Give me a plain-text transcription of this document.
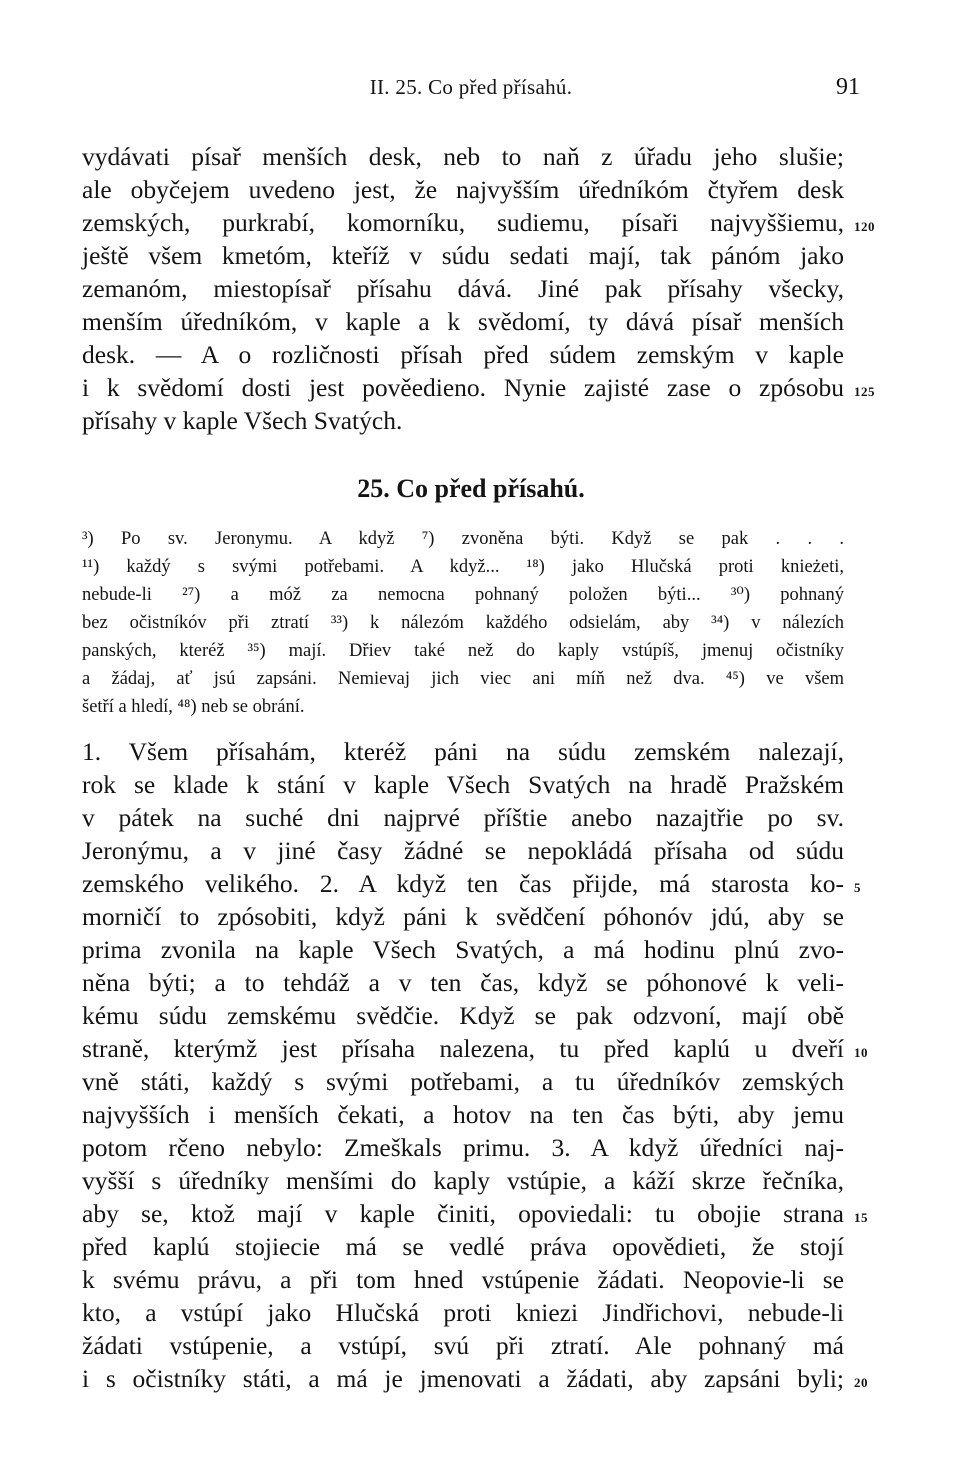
II. 25. Co před přísahú.	91
vydávati písař menších desk, neb to naň z úřadu jeho slušie;
ale obyčejem uvedeno jest, že najvyšším úředníkóm čtyřem desk
zemských, purkrabí, komorníku, sudiemu, písaři najvyššiemu,
ještě všem kmetóm, kteříž v súdu sedati mají, tak pánóm jako
zemanóm, miestopísař přísahu dává. Jiné pak přísahy všecky,
menším úředníkóm, v kaple a k svědomí, ty dává písař menších
desk. — A o rozličnosti přísah před súdem zemským v kaple
i k svědomí dosti jest pověedieno. Nynie zajisté zase o zpósobu
přísahy v kaple Všech Svatých.
120
125
25. Co před přísahú.
³) Po sv. Jeronymu. A když ⁷) zvoněna býti. Když se pak . . .
¹¹) každý s svými potřebami. A když... ¹⁸) jako Hlučská proti knieżeti,
nebude-li ²⁷) a móž za nemocna pohnaný položen býti... ³⁰) pohnaný
bez očistníkóv při ztratí ³³) k nálezóm každého odsielám, aby ³⁴) v nálezích
panských, kteréž ³⁵) mají. Dřiev také než do kaply vstúpíš, jmenuj očistníky
a žádaj, ať jsú zapsáni. Nemievaj jich viec ani míň než dva. ⁴⁵) ve všem
šetří a hledí, ⁴⁸) neb se obrání.
1. Všem přísahám, kteréž páni na súdu zemském nalezají,
rok se klade k stání v kaple Všech Svatých na hradě Pražském
v pátek na suché dni najprvé příštie anebo nazajtřie po sv.
Jeronýmu, a v jiné časy žádné se nepokládá přísaha od súdu
zemského velikého. 2. A když ten čas přijde, má starosta ko-
morničí to zpósobiti, když páni k svědčení póhonóv jdú, aby se
prima zvonila na kaple Všech Svatých, a má hodinu plnú zvo-
něna býti; a to tehdáž a v ten čas, když se póhonové k veli-
kému súdu zemskému svědčie. Když se pak odzvoní, mají obě
straně, kterýmž jest přísaha nalezena, tu před kaplú u dveří
vně státi, každý s svými potřebami, a tu úředníkóv zemských
najvyšších i menších čekati, a hotov na ten čas býti, aby jemu
potom rčeno nebylo: Zmeškals primu. 3. A když úředníci naj-
vyšší s úředníky menšími do kaply vstúpie, a káží skrze řečníka,
aby se, ktož mají v kaple činiti, opoviedali: tu obojie strana
před kaplú stojiecie má se vedlé práva opovědieti, že stojí
k svému právu, a při tom hned vstúpenie žádati. Neopovie-li se
kto, a vstúpí jako Hlučská proti kniezi Jindřichovi, nebude-li
žádati vstúpenie, a vstúpí, svú při ztratí. Ale pohnaný má
i s očistníky státi, a má je jmenovati a žádati, aby zapsáni byli;
5
10
15
20
